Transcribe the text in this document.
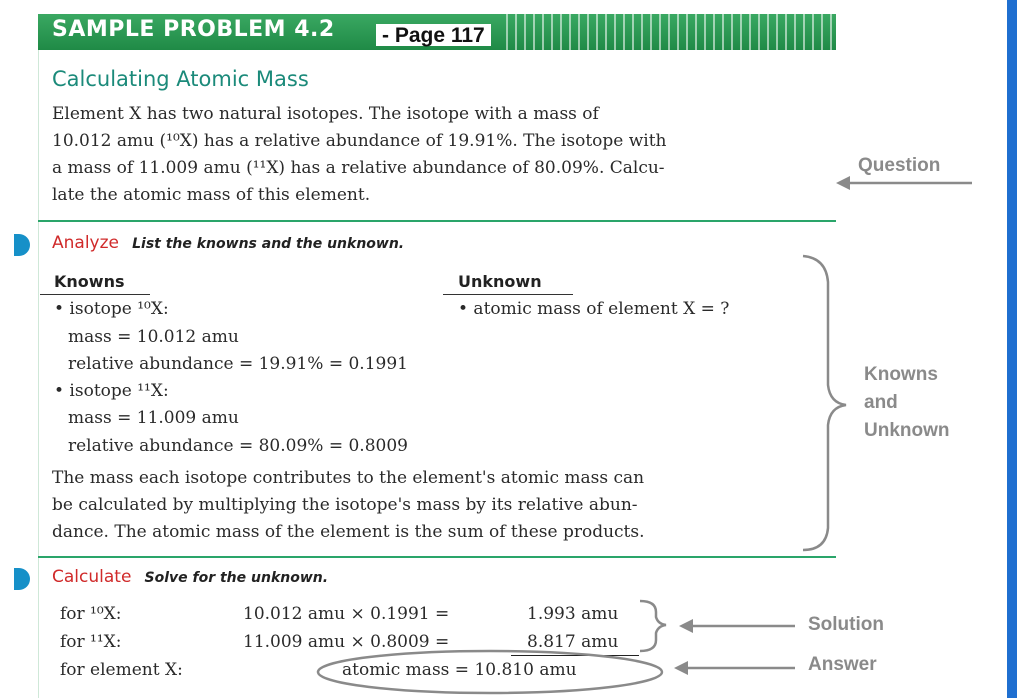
SAMPLE PROBLEM 4.2 - Page 117
Calculating Atomic Mass
Element X has two natural isotopes. The isotope with a mass of
10.012 amu (¹⁰X) has a relative abundance of 19.91%. The isotope with
a mass of 11.009 amu (¹¹X) has a relative abundance of 80.09%. Calcu-
late the atomic mass of this element.
Analyze List the knowns and the unknown.
Knowns	Unknown
• atomic mass of element X = ?
• isotope ¹⁰X:
mass = 10.012 amu
relative abundance = 19.91% = 0.1991
• isotope ¹¹X:
mass = 11.009 amu
relative abundance = 80.09% = 0.8009
The mass each isotope contributes to the element's atomic mass can
be calculated by multiplying the isotope's mass by its relative abun-
dance. The atomic mass of the element is the sum of these products.
Calculate Solve for the unknown.
for ¹⁰X:	10.012 amu × 0.1991 =	1.993 amu
for ¹¹X:	11.009 amu × 0.8009 =	8.817 amu
for element X:	atomic mass = 10.810 amu
Question
Knowns
and
Unknown
Solution
Answer
